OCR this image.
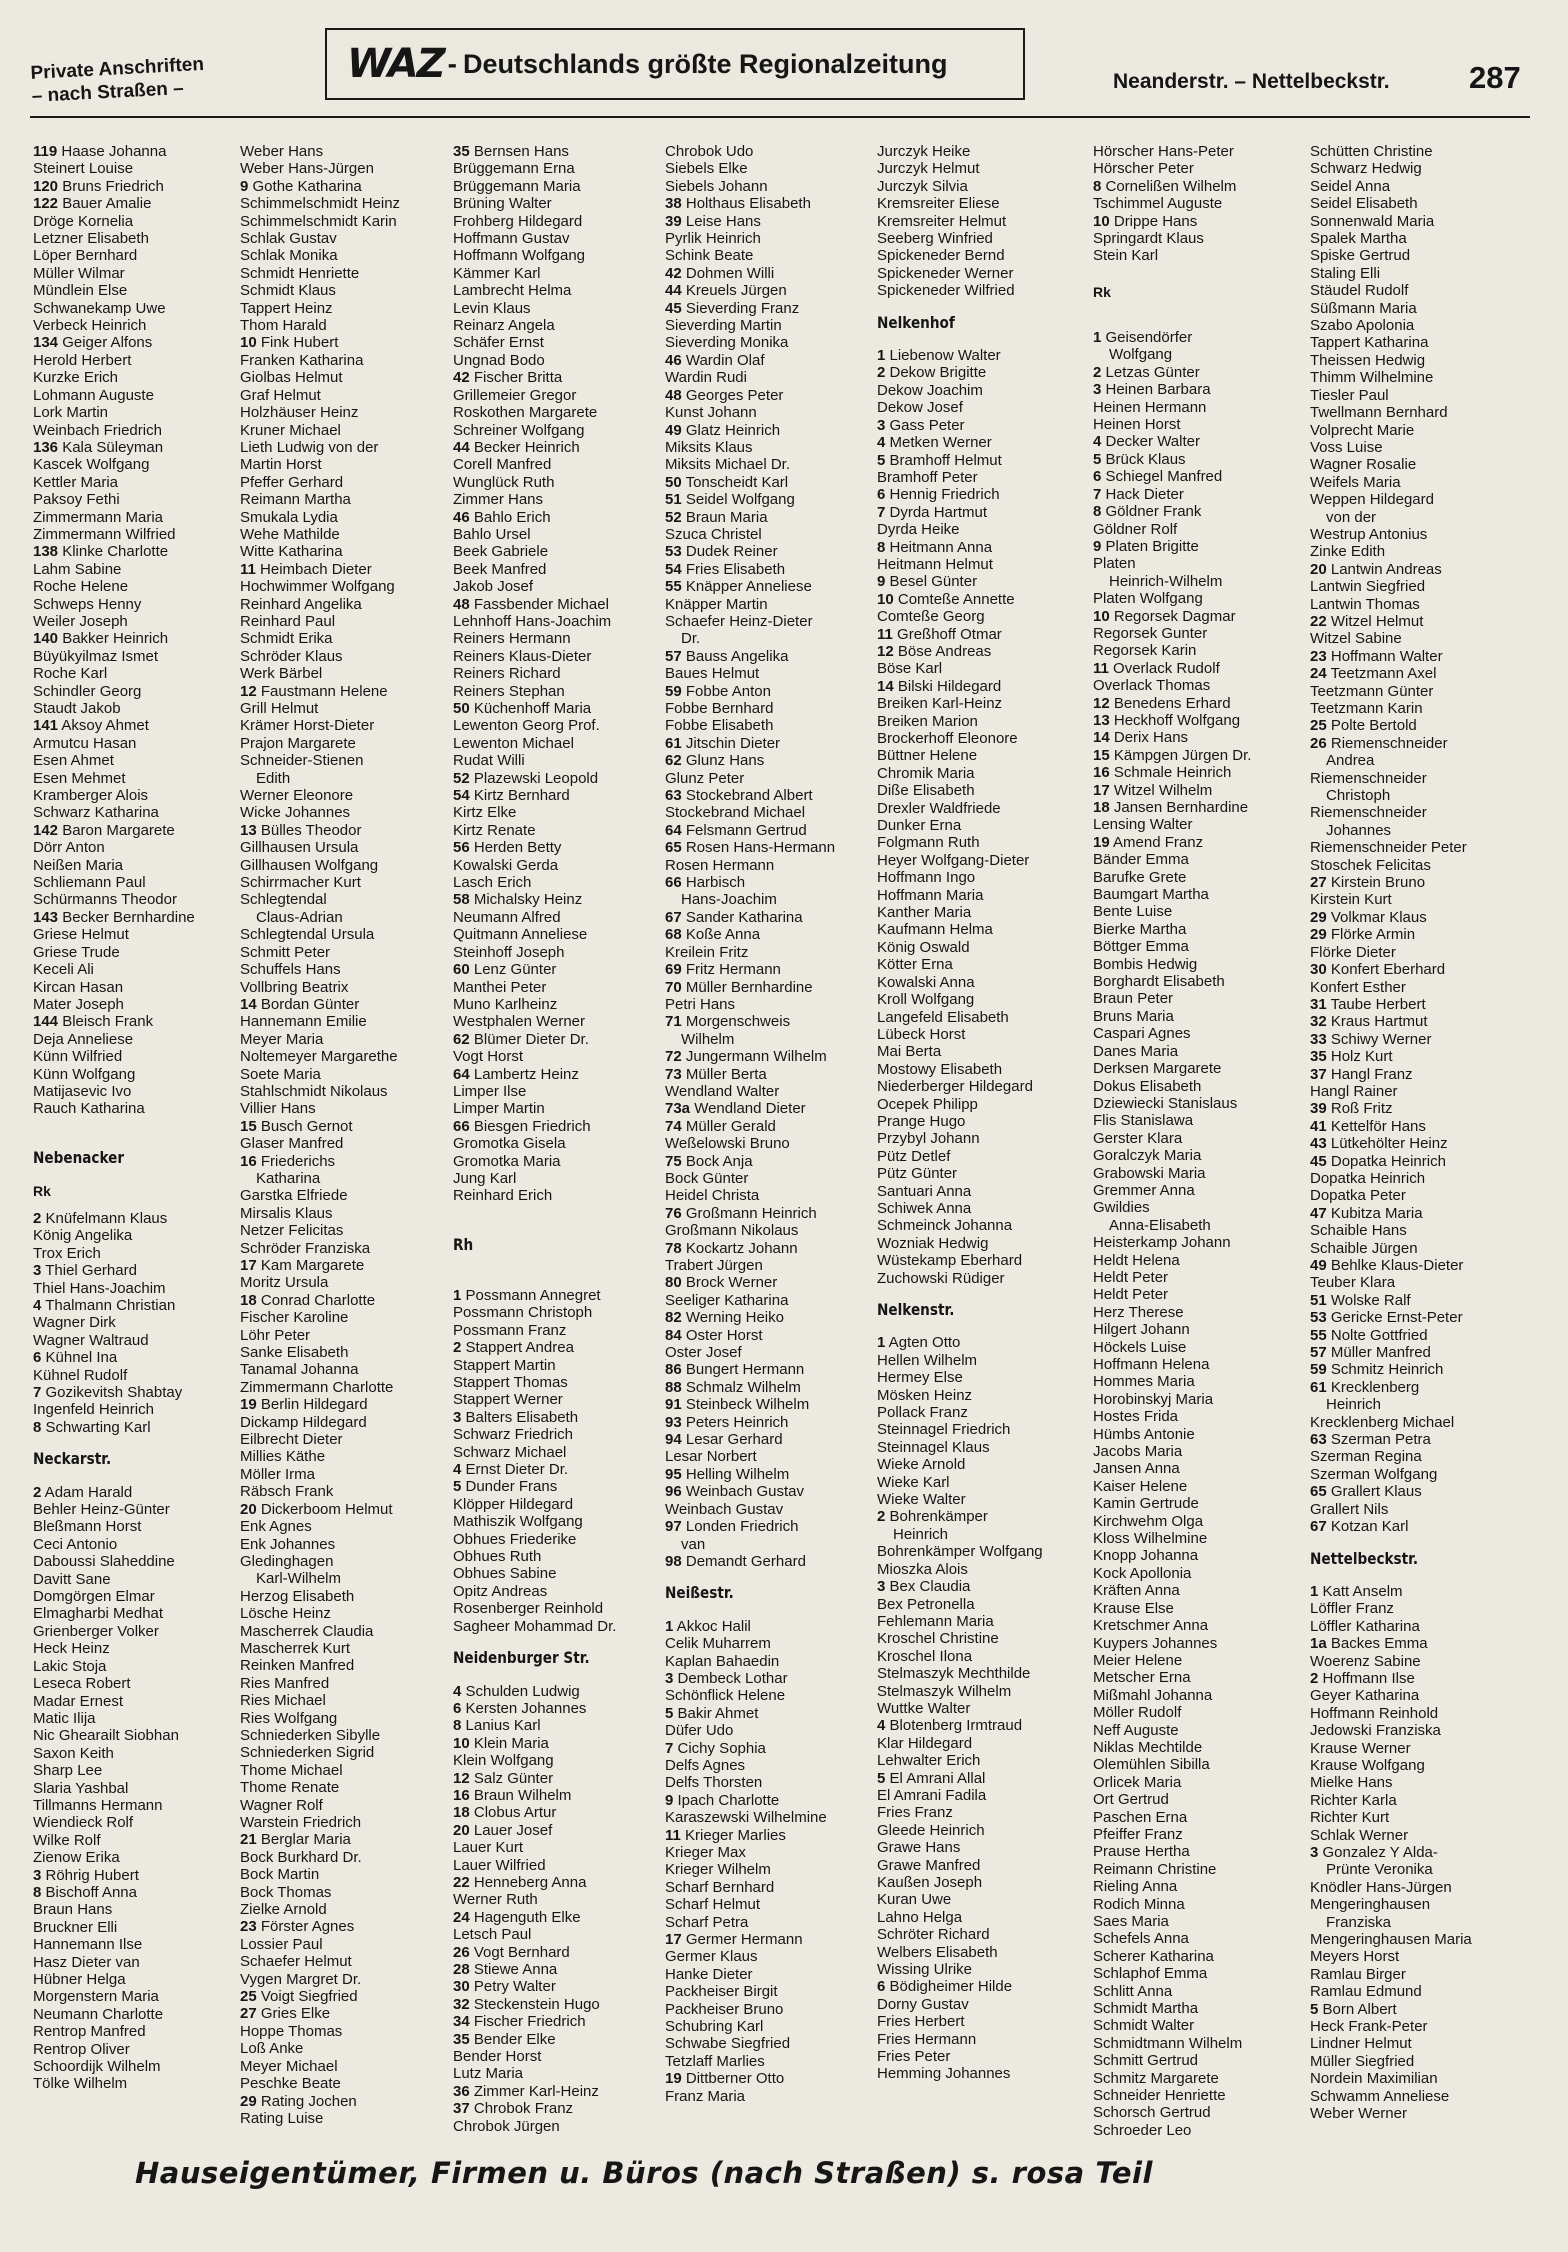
Private Anschriften
– nach Straßen –
WAZ - Deutschlands größte Regionalzeitung
Neanderstr. – Nettelbeckstr.	287
119 Haase Johanna
Steinert Louise
120 Bruns Friedrich
122 Bauer Amalie
Dröge Kornelia
Letzner Elisabeth
Löper Bernhard
Müller Wilmar
Mündlein Else
Schwanekamp Uwe
Verbeck Heinrich
134 Geiger Alfons
Herold Herbert
Kurzke Erich
Lohmann Auguste
Lork Martin
Weinbach Friedrich
136 Kala Süleyman
Kascek Wolfgang
Kettler Maria
Paksoy Fethi
Zimmermann Maria
Zimmermann Wilfried
138 Klinke Charlotte
Lahm Sabine
Roche Helene
Schweps Henny
Weiler Joseph
140 Bakker Heinrich
Büyükyilmaz Ismet
Roche Karl
Schindler Georg
Staudt Jakob
141 Aksoy Ahmet
Armutcu Hasan
Esen Ahmet
Esen Mehmet
Kramberger Alois
Schwarz Katharina
142 Baron Margarete
Dörr Anton
Neißen Maria
Schliemann Paul
Schürmanns Theodor
143 Becker Bernhardine
Griese Helmut
Griese Trude
Keceli Ali
Kircan Hasan
Mater Joseph
144 Bleisch Frank
Deja Anneliese
Künn Wilfried
Künn Wolfgang
Matijasevic Ivo
Rauch Katharina
Nebenacker
Rk
2 Knüfelmann Klaus
König Angelika
Trox Erich
3 Thiel Gerhard
Thiel Hans-Joachim
4 Thalmann Christian
Wagner Dirk
Wagner Waltraud
6 Kühnel Ina
Kühnel Rudolf
7 Gozikevitsh Shabtay
Ingenfeld Heinrich
8 Schwarting Karl
Neckarstr.
2 Adam Harald
Behler Heinz-Günter
Bleßmann Horst
Ceci Antonio
Daboussi Slaheddine
Davitt Sane
Domgörgen Elmar
Elmagharbi Medhat
Grienberger Volker
Heck Heinz
Lakic Stoja
Leseca Robert
Madar Ernest
Matic Ilija
Nic Ghearailt Siobhan
Saxon Keith
Sharp Lee
Slaria Yashbal
Tillmanns Hermann
Wiendieck Rolf
Wilke Rolf
Zienow Erika
3 Röhrig Hubert
8 Bischoff Anna
Braun Hans
Bruckner Elli
Hannemann Ilse
Hasz Dieter van
Hübner Helga
Morgenstern Maria
Neumann Charlotte
Rentrop Manfred
Rentrop Oliver
Schoordijk Wilhelm
Tölke Wilhelm
Weber Hans
Weber Hans-Jürgen
9 Gothe Katharina
Schimmelschmidt Heinz
Schimmelschmidt Karin
Schlak Gustav
Schlak Monika
Schmidt Henriette
Schmidt Klaus
Tappert Heinz
Thom Harald
10 Fink Hubert
Franken Katharina
Giolbas Helmut
Graf Helmut
Holzhäuser Heinz
Kruner Michael
Lieth Ludwig von der
Martin Horst
Pfeffer Gerhard
Reimann Martha
Smukala Lydia
Wehe Mathilde
Witte Katharina
11 Heimbach Dieter
Hochwimmer Wolfgang
Reinhard Angelika
Reinhard Paul
Schmidt Erika
Schröder Klaus
Werk Bärbel
12 Faustmann Helene
Grill Helmut
Krämer Horst-Dieter
Prajon Margarete
Schneider-Stienen
Edith
Werner Eleonore
Wicke Johannes
13 Bülles Theodor
Gillhausen Ursula
Gillhausen Wolfgang
Schirrmacher Kurt
Schlegtendal
Claus-Adrian
Schlegtendal Ursula
Schmitt Peter
Schuffels Hans
Vollbring Beatrix
14 Bordan Günter
Hannemann Emilie
Meyer Maria
Noltemeyer Margarethe
Soete Maria
Stahlschmidt Nikolaus
Villier Hans
15 Busch Gernot
Glaser Manfred
16 Friederichs
Katharina
Garstka Elfriede
Mirsalis Klaus
Netzer Felicitas
Schröder Franziska
17 Kam Margarete
Moritz Ursula
18 Conrad Charlotte
Fischer Karoline
Löhr Peter
Sanke Elisabeth
Tanamal Johanna
Zimmermann Charlotte
19 Berlin Hildegard
Dickamp Hildegard
Eilbrecht Dieter
Millies Käthe
Möller Irma
Räbsch Frank
20 Dickerboom Helmut
Enk Agnes
Enk Johannes
Gledinghagen
Karl-Wilhelm
Herzog Elisabeth
Lösche Heinz
Mascherrek Claudia
Mascherrek Kurt
Reinken Manfred
Ries Manfred
Ries Michael
Ries Wolfgang
Schniederken Sibylle
Schniederken Sigrid
Thome Michael
Thome Renate
Wagner Rolf
Warstein Friedrich
21 Berglar Maria
Bock Burkhard Dr.
Bock Martin
Bock Thomas
Zielke Arnold
23 Förster Agnes
Lossier Paul
Schaefer Helmut
Vygen Margret Dr.
25 Voigt Siegfried
27 Gries Elke
Hoppe Thomas
Loß Anke
Meyer Michael
Peschke Beate
29 Rating Jochen
Rating Luise
35 Bernsen Hans
Brüggemann Erna
Brüggemann Maria
Brüning Walter
Frohberg Hildegard
Hoffmann Gustav
Hoffmann Wolfgang
Kämmer Karl
Lambrecht Helma
Levin Klaus
Reinarz Angela
Schäfer Ernst
Ungnad Bodo
42 Fischer Britta
Grillemeier Gregor
Roskothen Margarete
Schreiner Wolfgang
44 Becker Heinrich
Corell Manfred
Wunglück Ruth
Zimmer Hans
46 Bahlo Erich
Bahlo Ursel
Beek Gabriele
Beek Manfred
Jakob Josef
48 Fassbender Michael
Lehnhoff Hans-Joachim
Reiners Hermann
Reiners Klaus-Dieter
Reiners Richard
Reiners Stephan
50 Küchenhoff Maria
Lewenton Georg Prof.
Lewenton Michael
Rudat Willi
52 Plazewski Leopold
54 Kirtz Bernhard
Kirtz Elke
Kirtz Renate
56 Herden Betty
Kowalski Gerda
Lasch Erich
58 Michalsky Heinz
Neumann Alfred
Quitmann Anneliese
Steinhoff Joseph
60 Lenz Günter
Manthei Peter
Muno Karlheinz
Westphalen Werner
62 Blümer Dieter Dr.
Vogt Horst
64 Lambertz Heinz
Limper Ilse
Limper Martin
66 Biesgen Friedrich
Gromotka Gisela
Gromotka Maria
Jung Karl
Reinhard Erich
Rh
1 Possmann Annegret
Possmann Christoph
Possmann Franz
2 Stappert Andrea
Stappert Martin
Stappert Thomas
Stappert Werner
3 Balters Elisabeth
Schwarz Friedrich
Schwarz Michael
4 Ernst Dieter Dr.
5 Dunder Frans
Klöpper Hildegard
Mathiszik Wolfgang
Obhues Friederike
Obhues Ruth
Obhues Sabine
Opitz Andreas
Rosenberger Reinhold
Sagheer Mohammad Dr.
Neidenburger Str.
4 Schulden Ludwig
6 Kersten Johannes
8 Lanius Karl
10 Klein Maria
Klein Wolfgang
12 Salz Günter
16 Braun Wilhelm
18 Clobus Artur
20 Lauer Josef
Lauer Kurt
Lauer Wilfried
22 Henneberg Anna
Werner Ruth
24 Hagenguth Elke
Letsch Paul
26 Vogt Bernhard
28 Stiewe Anna
30 Petry Walter
32 Steckenstein Hugo
34 Fischer Friedrich
35 Bender Elke
Bender Horst
Lutz Maria
36 Zimmer Karl-Heinz
37 Chrobok Franz
Chrobok Jürgen
Chrobok Udo
Siebels Elke
Siebels Johann
38 Holthaus Elisabeth
39 Leise Hans
Pyrlik Heinrich
Schink Beate
42 Dohmen Willi
44 Kreuels Jürgen
45 Sieverding Franz
Sieverding Martin
Sieverding Monika
46 Wardin Olaf
Wardin Rudi
48 Georges Peter
Kunst Johann
49 Glatz Heinrich
Miksits Klaus
Miksits Michael Dr.
50 Tonscheidt Karl
51 Seidel Wolfgang
52 Braun Maria
Szuca Christel
53 Dudek Reiner
54 Fries Elisabeth
55 Knäpper Anneliese
Knäpper Martin
Schaefer Heinz-Dieter
Dr.
57 Bauss Angelika
Baues Helmut
59 Fobbe Anton
Fobbe Bernhard
Fobbe Elisabeth
61 Jitschin Dieter
62 Glunz Hans
Glunz Peter
63 Stockebrand Albert
Stockebrand Michael
64 Felsmann Gertrud
65 Rosen Hans-Hermann
Rosen Hermann
66 Harbisch
Hans-Joachim
67 Sander Katharina
68 Koße Anna
Kreilein Fritz
69 Fritz Hermann
70 Müller Bernhardine
Petri Hans
71 Morgenschweis
Wilhelm
72 Jungermann Wilhelm
73 Müller Berta
Wendland Walter
73a Wendland Dieter
74 Müller Gerald
Weßelowski Bruno
75 Bock Anja
Bock Günter
Heidel Christa
76 Großmann Heinrich
Großmann Nikolaus
78 Kockartz Johann
Trabert Jürgen
80 Brock Werner
Seeliger Katharina
82 Werning Heiko
84 Oster Horst
Oster Josef
86 Bungert Hermann
88 Schmalz Wilhelm
91 Steinbeck Wilhelm
93 Peters Heinrich
94 Lesar Gerhard
Lesar Norbert
95 Helling Wilhelm
96 Weinbach Gustav
Weinbach Gustav
97 Londen Friedrich
van
98 Demandt Gerhard
Neißestr.
1 Akkoc Halil
Celik Muharrem
Kaplan Bahaedin
3 Dembeck Lothar
Schönflick Helene
5 Bakir Ahmet
Düfer Udo
7 Cichy Sophia
Delfs Agnes
Delfs Thorsten
9 Ipach Charlotte
Karaszewski Wilhelmine
11 Krieger Marlies
Krieger Max
Krieger Wilhelm
Scharf Bernhard
Scharf Helmut
Scharf Petra
17 Germer Hermann
Germer Klaus
Hanke Dieter
Packheiser Birgit
Packheiser Bruno
Schubring Karl
Schwabe Siegfried
Tetzlaff Marlies
19 Dittberner Otto
Franz Maria
Jurczyk Heike
Jurczyk Helmut
Jurczyk Silvia
Kremsreiter Eliese
Kremsreiter Helmut
Seeberg Winfried
Spickeneder Bernd
Spickeneder Werner
Spickeneder Wilfried
Nelkenhof
1 Liebenow Walter
2 Dekow Brigitte
Dekow Joachim
Dekow Josef
3 Gass Peter
4 Metken Werner
5 Bramhoff Helmut
Bramhoff Peter
6 Hennig Friedrich
7 Dyrda Hartmut
Dyrda Heike
8 Heitmann Anna
Heitmann Helmut
9 Besel Günter
10 Comteße Annette
Comteße Georg
11 Greßhoff Otmar
12 Böse Andreas
Böse Karl
14 Bilski Hildegard
Breiken Karl-Heinz
Breiken Marion
Brockerhoff Eleonore
Büttner Helene
Chromik Maria
Diße Elisabeth
Drexler Waldfriede
Dunker Erna
Folgmann Ruth
Heyer Wolfgang-Dieter
Hoffmann Ingo
Hoffmann Maria
Kanther Maria
Kaufmann Helma
König Oswald
Kötter Erna
Kowalski Anna
Kroll Wolfgang
Langefeld Elisabeth
Lübeck Horst
Mai Berta
Mostowy Elisabeth
Niederberger Hildegard
Ocepek Philipp
Prange Hugo
Przybyl Johann
Pütz Detlef
Pütz Günter
Santuari Anna
Schiwek Anna
Schmeinck Johanna
Wozniak Hedwig
Wüstekamp Eberhard
Zuchowski Rüdiger
Nelkenstr.
1 Agten Otto
Hellen Wilhelm
Hermey Else
Mösken Heinz
Pollack Franz
Steinnagel Friedrich
Steinnagel Klaus
Wieke Arnold
Wieke Karl
Wieke Walter
2 Bohrenkämper
Heinrich
Bohrenkämper Wolfgang
Mioszka Alois
3 Bex Claudia
Bex Petronella
Fehlemann Maria
Kroschel Christine
Kroschel Ilona
Stelmaszyk Mechthilde
Stelmaszyk Wilhelm
Wuttke Walter
4 Blotenberg Irmtraud
Klar Hildegard
Lehwalter Erich
5 El Amrani Allal
El Amrani Fadila
Fries Franz
Gleede Heinrich
Grawe Hans
Grawe Manfred
Kaußen Joseph
Kuran Uwe
Lahno Helga
Schröter Richard
Welbers Elisabeth
Wissing Ulrike
6 Bödigheimer Hilde
Dorny Gustav
Fries Herbert
Fries Hermann
Fries Peter
Hemming Johannes
Hörscher Hans-Peter
Hörscher Peter
8 Cornelißen Wilhelm
Tschimmel Auguste
10 Drippe Hans
Springardt Klaus
Stein Karl
Rk
1 Geisendörfer
Wolfgang
2 Letzas Günter
3 Heinen Barbara
Heinen Hermann
Heinen Horst
4 Decker Walter
5 Brück Klaus
6 Schiegel Manfred
7 Hack Dieter
8 Göldner Frank
Göldner Rolf
9 Platen Brigitte
Platen
Heinrich-Wilhelm
Platen Wolfgang
10 Regorsek Dagmar
Regorsek Gunter
Regorsek Karin
11 Overlack Rudolf
Overlack Thomas
12 Benedens Erhard
13 Heckhoff Wolfgang
14 Derix Hans
15 Kämpgen Jürgen Dr.
16 Schmale Heinrich
17 Witzel Wilhelm
18 Jansen Bernhardine
Lensing Walter
19 Amend Franz
Bänder Emma
Barufke Grete
Baumgart Martha
Bente Luise
Bierke Martha
Böttger Emma
Bombis Hedwig
Borghardt Elisabeth
Braun Peter
Bruns Maria
Caspari Agnes
Danes Maria
Derksen Margarete
Dokus Elisabeth
Dziewiecki Stanislaus
Flis Stanislawa
Gerster Klara
Goralczyk Maria
Grabowski Maria
Gremmer Anna
Gwildies
Anna-Elisabeth
Heisterkamp Johann
Heldt Helena
Heldt Peter
Heldt Peter
Herz Therese
Hilgert Johann
Höckels Luise
Hoffmann Helena
Hommes Maria
Horobinskyj Maria
Hostes Frida
Hümbs Antonie
Jacobs Maria
Jansen Anna
Kaiser Helene
Kamin Gertrude
Kirchwehm Olga
Kloss Wilhelmine
Knopp Johanna
Kock Apollonia
Kräften Anna
Krause Else
Kretschmer Anna
Kuypers Johannes
Meier Helene
Metscher Erna
Mißmahl Johanna
Möller Rudolf
Neff Auguste
Niklas Mechtilde
Olemühlen Sibilla
Orlicek Maria
Ort Gertrud
Paschen Erna
Pfeiffer Franz
Prause Hertha
Reimann Christine
Rieling Anna
Rodich Minna
Saes Maria
Schefels Anna
Scherer Katharina
Schlaphof Emma
Schlitt Anna
Schmidt Martha
Schmidt Walter
Schmidtmann Wilhelm
Schmitt Gertrud
Schmitz Margarete
Schneider Henriette
Schorsch Gertrud
Schroeder Leo
Schütten Christine
Schwarz Hedwig
Seidel Anna
Seidel Elisabeth
Sonnenwald Maria
Spalek Martha
Spiske Gertrud
Staling Elli
Stäudel Rudolf
Süßmann Maria
Szabo Apolonia
Tappert Katharina
Theissen Hedwig
Thimm Wilhelmine
Tiesler Paul
Twellmann Bernhard
Volprecht Marie
Voss Luise
Wagner Rosalie
Weifels Maria
Weppen Hildegard
von der
Westrup Antonius
Zinke Edith
20 Lantwin Andreas
Lantwin Siegfried
Lantwin Thomas
22 Witzel Helmut
Witzel Sabine
23 Hoffmann Walter
24 Teetzmann Axel
Teetzmann Günter
Teetzmann Karin
25 Polte Bertold
26 Riemenschneider
Andrea
Riemenschneider
Christoph
Riemenschneider
Johannes
Riemenschneider Peter
Stoschek Felicitas
27 Kirstein Bruno
Kirstein Kurt
29 Volkmar Klaus
29 Flörke Armin
Flörke Dieter
30 Konfert Eberhard
Konfert Esther
31 Taube Herbert
32 Kraus Hartmut
33 Schiwy Werner
35 Holz Kurt
37 Hangl Franz
Hangl Rainer
39 Roß Fritz
41 Kettelför Hans
43 Lütkehölter Heinz
45 Dopatka Heinrich
Dopatka Heinrich
Dopatka Peter
47 Kubitza Maria
Schaible Hans
Schaible Jürgen
49 Behlke Klaus-Dieter
Teuber Klara
51 Wolske Ralf
53 Gericke Ernst-Peter
55 Nolte Gottfried
57 Müller Manfred
59 Schmitz Heinrich
61 Krecklenberg
Heinrich
Krecklenberg Michael
63 Szerman Petra
Szerman Regina
Szerman Wolfgang
65 Grallert Klaus
Grallert Nils
67 Kotzan Karl
Nettelbeckstr.
1 Katt Anselm
Löffler Franz
Löffler Katharina
1a Backes Emma
Woerenz Sabine
2 Hoffmann Ilse
Geyer Katharina
Hoffmann Reinhold
Jedowski Franziska
Krause Werner
Krause Wolfgang
Mielke Hans
Richter Karla
Richter Kurt
Schlak Werner
3 Gonzalez Y Alda-
Prünte Veronika
Knödler Hans-Jürgen
Mengeringhausen
Franziska
Mengeringhausen Maria
Meyers Horst
Ramlau Birger
Ramlau Edmund
5 Born Albert
Heck Frank-Peter
Lindner Helmut
Müller Siegfried
Nordein Maximilian
Schwamm Anneliese
Weber Werner
Hauseigentümer, Firmen u. Büros (nach Straßen) s. rosa Teil
